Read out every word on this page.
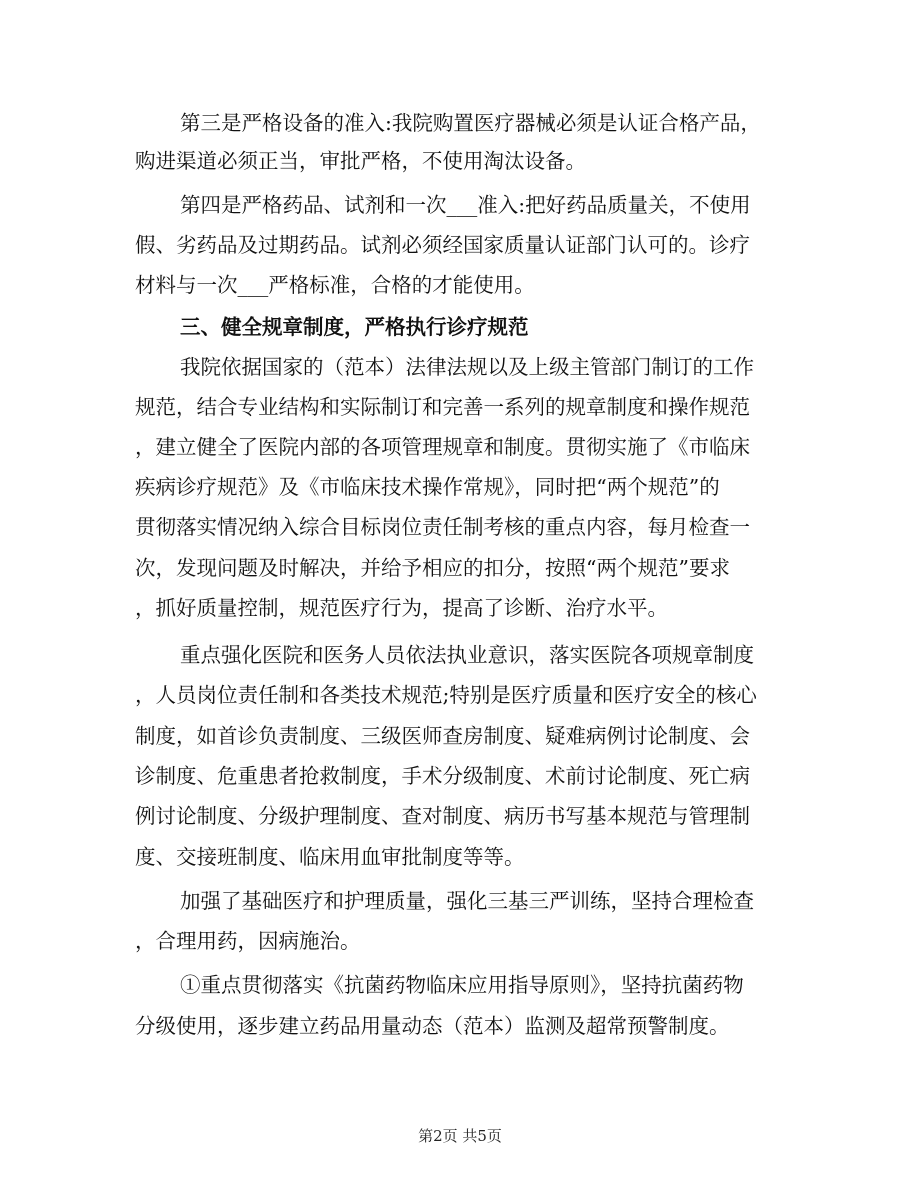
第三是严格设备的准入:我院购置医疗器械必须是认证合格产品，
购进渠道必须正当，审批严格，不使用淘汰设备。
第四是严格药品、试剂和一次___准入:把好药品质量关，不使用
假、劣药品及过期药品。试剂必须经国家质量认证部门认可的。诊疗
材料与一次___严格标准，合格的才能使用。
三、健全规章制度，严格执行诊疗规范
我院依据国家的（范本）法律法规以及上级主管部门制订的工作
规范，结合专业结构和实际制订和完善一系列的规章制度和操作规范
，建立健全了医院内部的各项管理规章和制度。贯彻实施了《市临床
疾病诊疗规范》及《市临床技术操作常规》，同时把“两个规范”的
贯彻落实情况纳入综合目标岗位责任制考核的重点内容，每月检查一
次，发现问题及时解决，并给予相应的扣分，按照“两个规范”要求
，抓好质量控制，规范医疗行为，提高了诊断、治疗水平。
重点强化医院和医务人员依法执业意识，落实医院各项规章制度
，人员岗位责任制和各类技术规范;特别是医疗质量和医疗安全的核心
制度，如首诊负责制度、三级医师查房制度、疑难病例讨论制度、会
诊制度、危重患者抢救制度，手术分级制度、术前讨论制度、死亡病
例讨论制度、分级护理制度、查对制度、病历书写基本规范与管理制
度、交接班制度、临床用血审批制度等等。
加强了基础医疗和护理质量，强化三基三严训练，坚持合理检查
，合理用药，因病施治。
①重点贯彻落实《抗菌药物临床应用指导原则》，坚持抗菌药物
分级使用，逐步建立药品用量动态（范本）监测及超常预警制度。
第2页 共5页
